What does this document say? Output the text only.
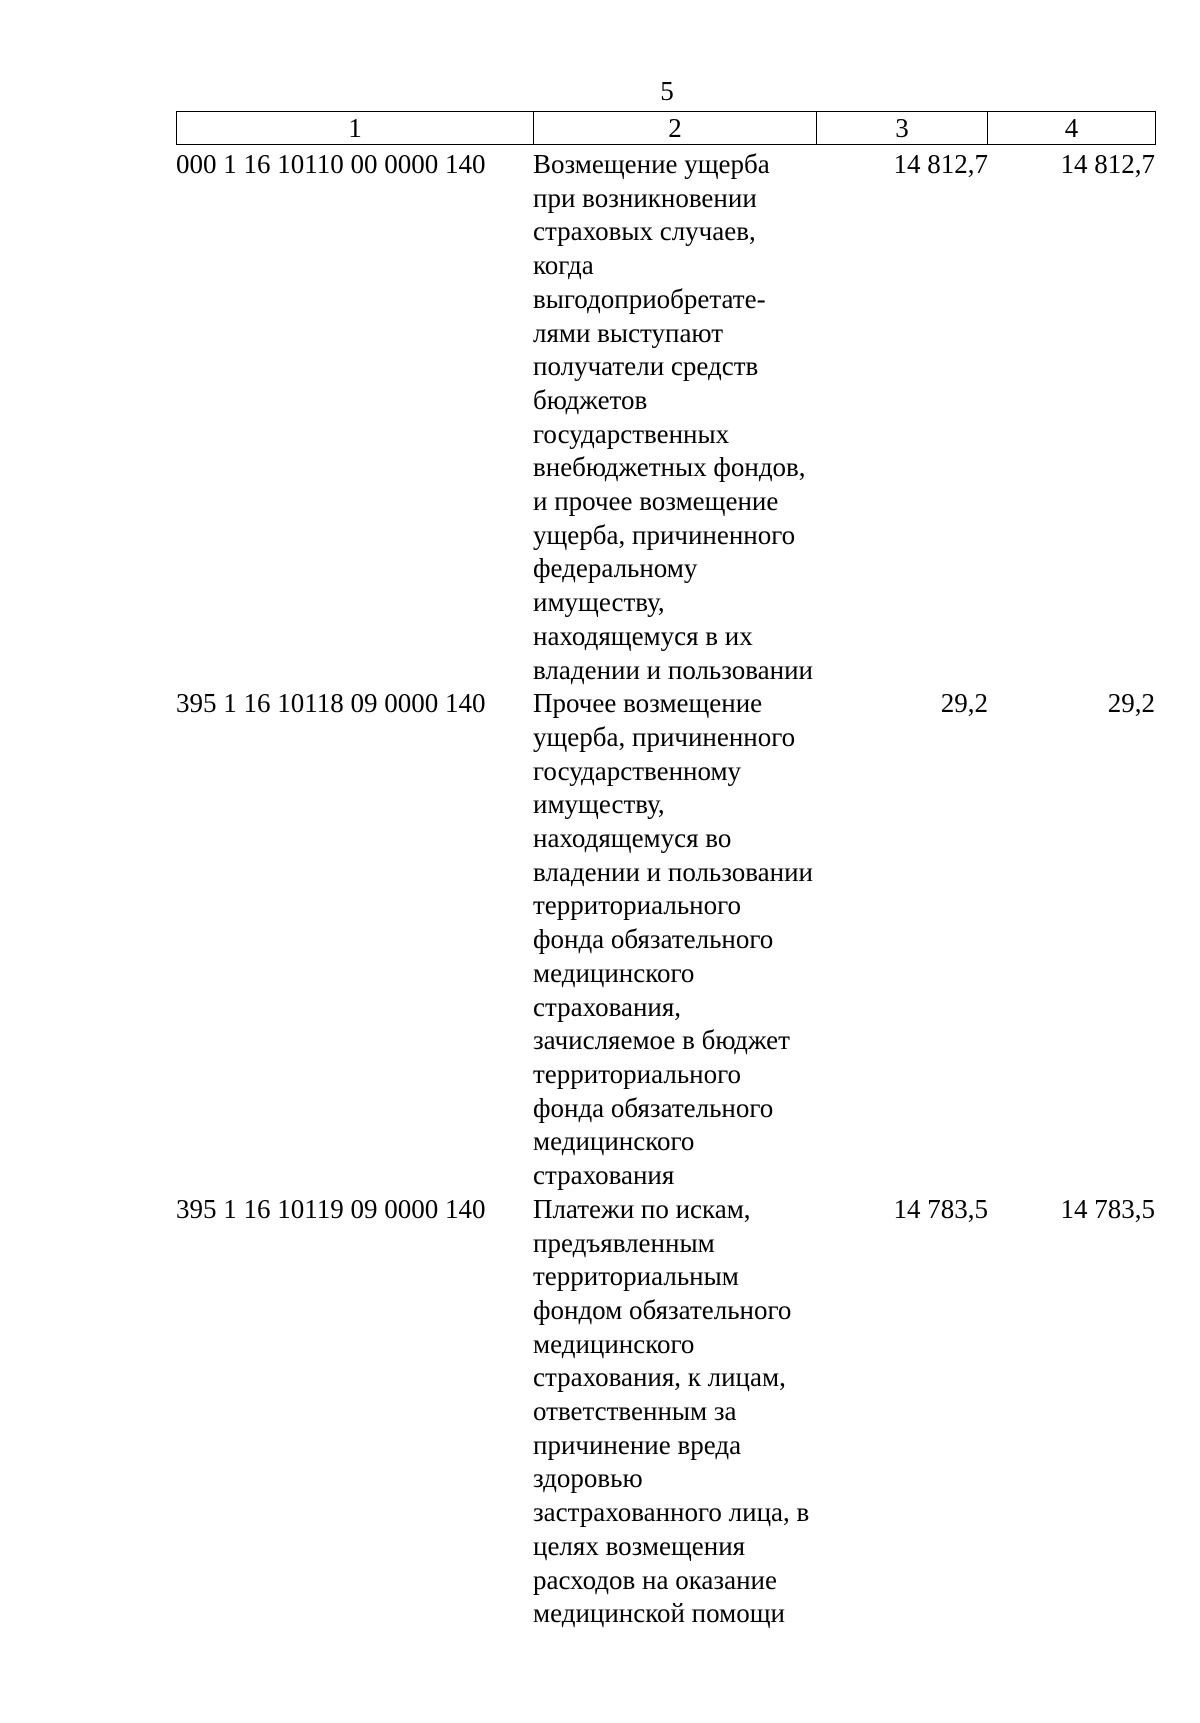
5
1	2	3	4
000 1 16 10110 00 0000 140 Возмещение ущерба
при возникновении
страховых случаев,
когда
выгодоприобретате-
лями выступают
получатели средств
бюджетов
государственных
внебюджетных фондов,
и прочее возмещение
ущерба, причиненного
федеральному
имуществу,
находящемуся в их
владении и пользовании
14 812,7	14 812,7
395 1 16 10118 09 0000 140 Прочее возмещение
ущерба, причиненного
государственному
имуществу,
находящемуся во
владении и пользовании
территориального
фонда обязательного
медицинского
страхования,
зачисляемое в бюджет
территориального
фонда обязательного
медицинского
страхования
29,2	29,2
395 1 16 10119 09 0000 140 Платежи по искам,
предъявленным
территориальным
фондом обязательного
медицинского
страхования, к лицам,
ответственным за
причинение вреда
здоровью
застрахованного лица, в
целях возмещения
расходов на оказание
медицинской помощи
14 783,5	14 783,5
